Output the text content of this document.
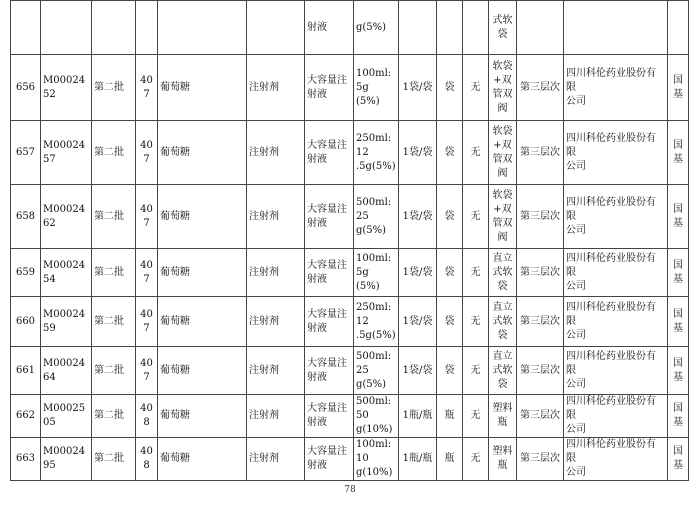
						射液	g(5%)				式软
袋			
656	M0002452	第二批	407	葡萄糖	注射剂	大容量注
射液	100ml:5g
(5%)	1袋/袋	袋	无	软袋
+双
管双
阀	第三层次	四川科伦药业股份有限
公司	国基
657	M0002457	第二批	407	葡萄糖	注射剂	大容量注
射液	250ml:12
.5g(5%)	1袋/袋	袋	无	软袋
+双
管双
阀	第三层次	四川科伦药业股份有限
公司	国基
658	M0002462	第二批	407	葡萄糖	注射剂	大容量注
射液	500ml:25
g(5%)	1袋/袋	袋	无	软袋
+双
管双
阀	第三层次	四川科伦药业股份有限
公司	国基
659	M0002454	第二批	407	葡萄糖	注射剂	大容量注
射液	100ml:5g
(5%)	1袋/袋	袋	无	直立
式软
袋	第三层次	四川科伦药业股份有限
公司	国基
660	M0002459	第二批	407	葡萄糖	注射剂	大容量注
射液	250ml:12
.5g(5%)	1袋/袋	袋	无	直立
式软
袋	第三层次	四川科伦药业股份有限
公司	国基
661	M0002464	第二批	407	葡萄糖	注射剂	大容量注
射液	500ml:25
g(5%)	1袋/袋	袋	无	直立
式软
袋	第三层次	四川科伦药业股份有限
公司	国基
662	M0002505	第二批	408	葡萄糖	注射剂	大容量注
射液	500ml:50
g(10%)	1瓶/瓶	瓶	无	塑料
瓶	第三层次	四川科伦药业股份有限
公司	国基
663	M0002495	第二批	408	葡萄糖	注射剂	大容量注
射液	100ml:10
g(10%)	1瓶/瓶	瓶	无	塑料
瓶	第三层次	四川科伦药业股份有限
公司	国基
78
